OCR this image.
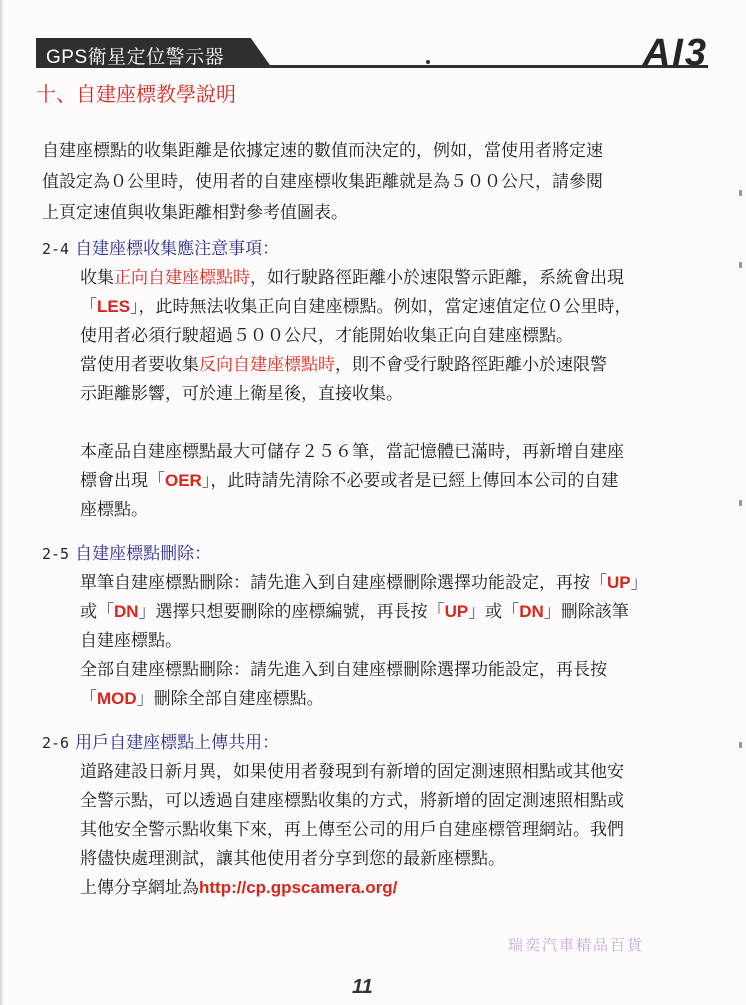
GPS衛星定位警示器	AI3
十、自建座標教學說明
自建座標點的收集距離是依據定速的數值而決定的，例如，當使用者將定速
值設定為０公里時，使用者的自建座標收集距離就是為５００公尺，請參閱
上頁定速值與收集距離相對參考值圖表。
2-4 自建座標收集應注意事項：
收集正向自建座標點時，如行駛路徑距離小於速限警示距離，系統會出現
「LES」，此時無法收集正向自建座標點。例如，當定速值定位０公里時，
使用者必須行駛超過５００公尺，才能開始收集正向自建座標點。
當使用者要收集反向自建座標點時，則不會受行駛路徑距離小於速限警
示距離影響，可於連上衛星後，直接收集。
本產品自建座標點最大可儲存２５６筆，當記憶體已滿時，再新增自建座
標會出現「OER」，此時請先清除不必要或者是已經上傳回本公司的自建
座標點。
2-5 自建座標點刪除：
單筆自建座標點刪除：請先進入到自建座標刪除選擇功能設定，再按「UP」
或「DN」選擇只想要刪除的座標編號，再長按「UP」或「DN」刪除該筆
自建座標點。
全部自建座標點刪除：請先進入到自建座標刪除選擇功能設定，再長按
「MOD」刪除全部自建座標點。
2-6 用戶自建座標點上傳共用：
道路建設日新月異，如果使用者發現到有新增的固定測速照相點或其他安
全警示點，可以透過自建座標點收集的方式，將新增的固定測速照相點或
其他安全警示點收集下來，再上傳至公司的用戶自建座標管理網站。我們
將儘快處理測試，讓其他使用者分享到您的最新座標點。
上傳分享網址為http://cp.gpscamera.org/
瑞奕汽車精品百貨
11
